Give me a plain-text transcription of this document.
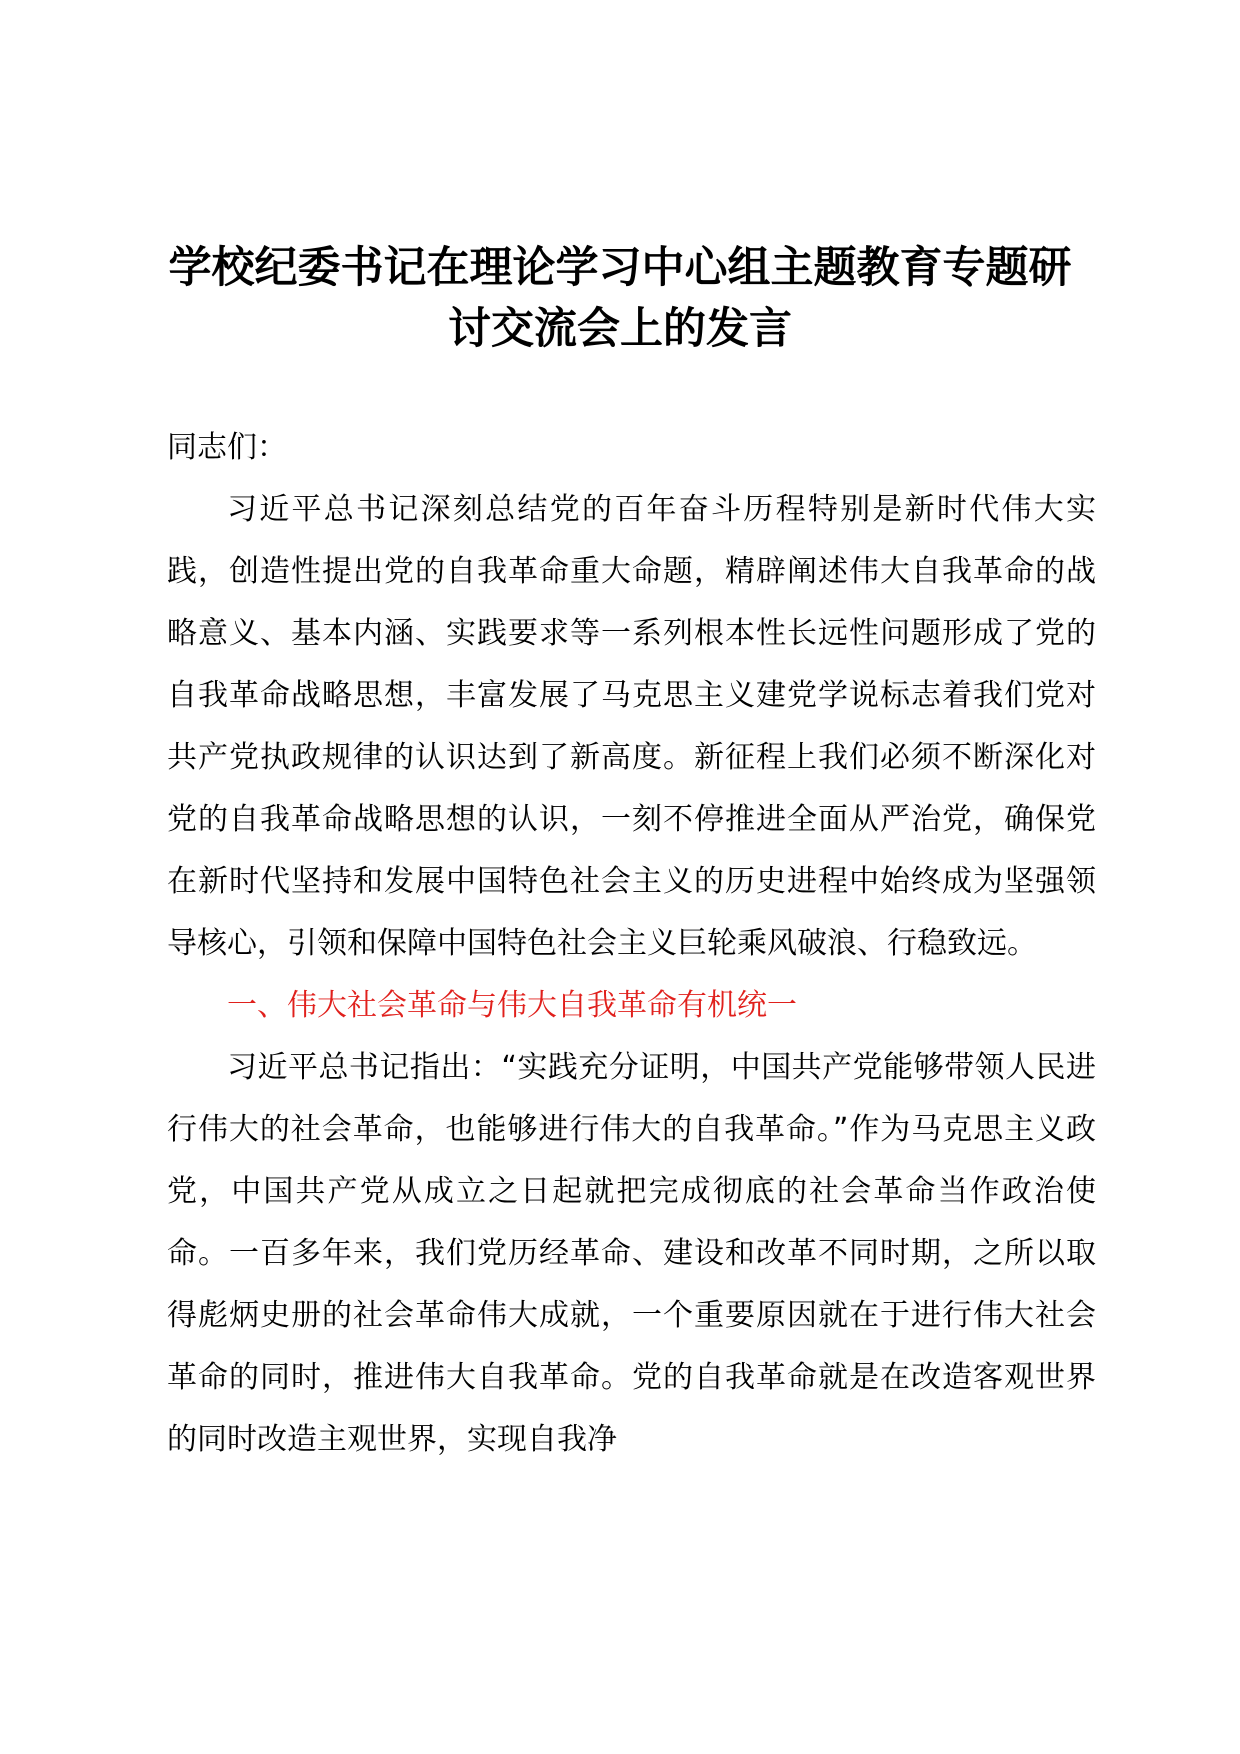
学校纪委书记在理论学习中心组主题教育专题研讨交流会上的发言

同志们：

习近平总书记深刻总结党的百年奋斗历程特别是新时代伟大实践，创造性提出党的自我革命重大命题，精辟阐述伟大自我革命的战略意义、基本内涵、实践要求等一系列根本性长远性问题形成了党的自我革命战略思想，丰富发展了马克思主义建党学说标志着我们党对共产党执政规律的认识达到了新高度。新征程上我们必须不断深化对党的自我革命战略思想的认识，一刻不停推进全面从严治党，确保党在新时代坚持和发展中国特色社会主义的历史进程中始终成为坚强领导核心，引领和保障中国特色社会主义巨轮乘风破浪、行稳致远。

一、伟大社会革命与伟大自我革命有机统一

习近平总书记指出：“实践充分证明，中国共产党能够带领人民进行伟大的社会革命，也能够进行伟大的自我革命。”作为马克思主义政党，中国共产党从成立之日起就把完成彻底的社会革命当作政治使命。一百多年来，我们党历经革命、建设和改革不同时期，之所以取得彪炳史册的社会革命伟大成就，一个重要原因就在于进行伟大社会革命的同时，推进伟大自我革命。党的自我革命就是在改造客观世界的同时改造主观世界，实现自我净
